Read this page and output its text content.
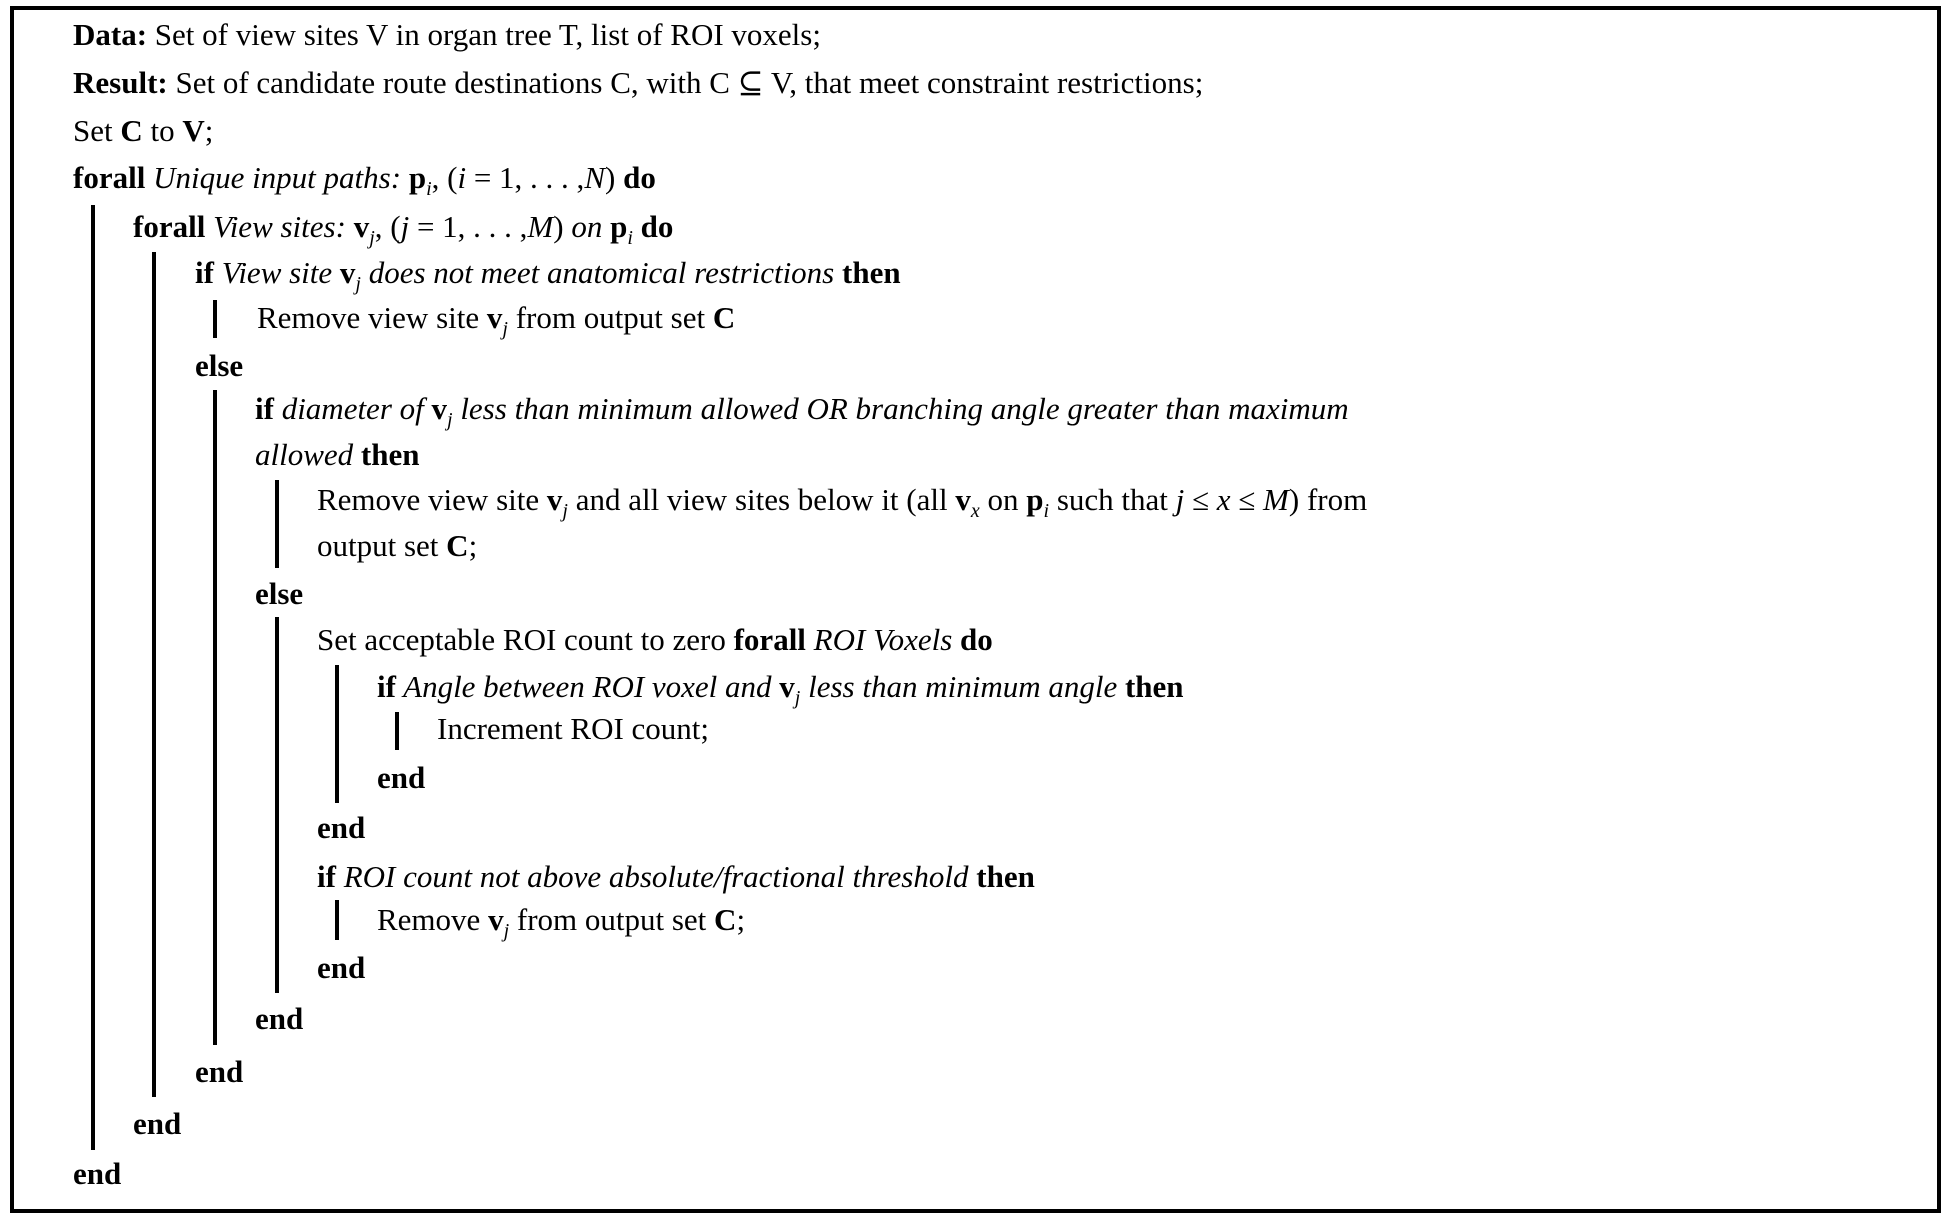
Data: Set of view sites V in organ tree T, list of ROI voxels;
Result: Set of candidate route destinations C, with C ⊆ V, that meet constraint restrictions;
Set C to V;
forall Unique input paths: $p_i$, (i = 1, . . . ,N) do
forall View sites: $v_j$, (j = 1, . . . ,M) on $p_i$ do
if View site $v_j$ does not meet anatomical restrictions then
Remove view site $v_j$ from output set C
else
if diameter of $v_j$ less than minimum allowed OR branching angle greater than maximum
allowed then
Remove view site $v_j$ and all view sites below it (all $v_x$ on $p_i$ such that j ≤ x ≤ M) from
output set C;
else
Set acceptable ROI count to zero forall ROI Voxels do
if Angle between ROI voxel and $v_j$ less than minimum angle then
Increment ROI count;
end
end
if ROI count not above absolute/fractional threshold then
Remove $v_j$ from output set C;
end
end
end
end
end
